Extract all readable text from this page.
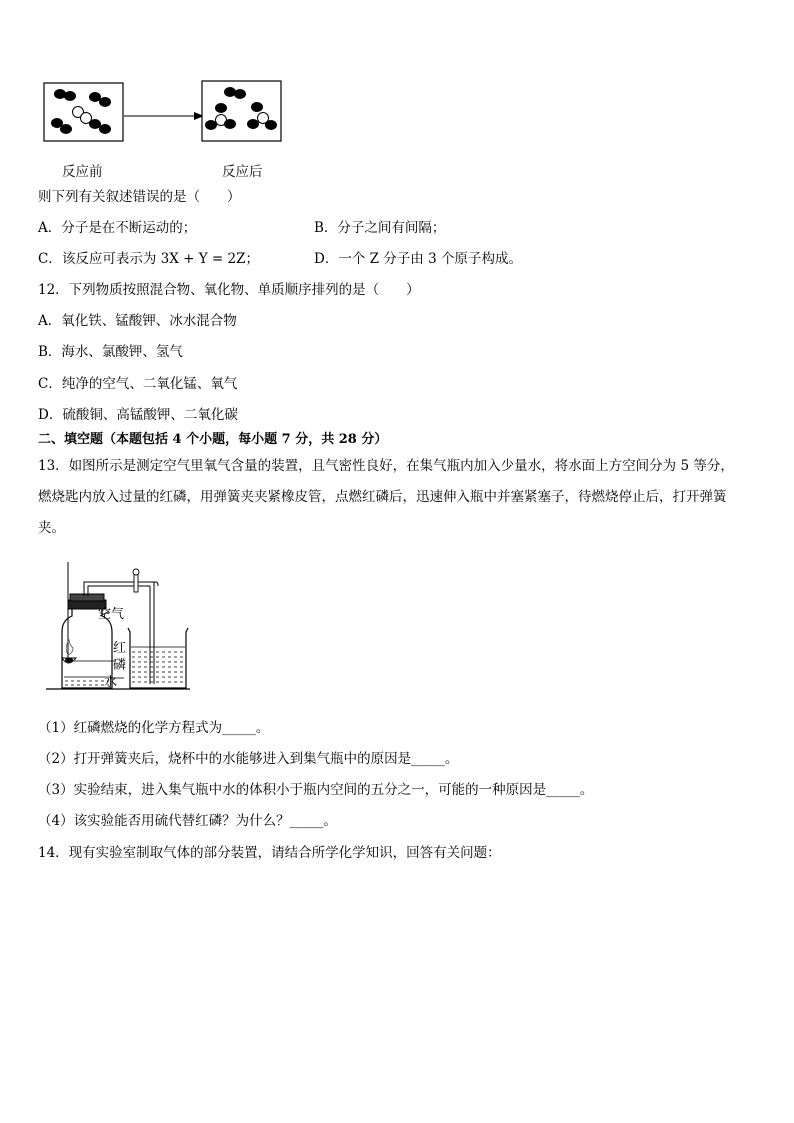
反应前	反应后
则下列有关叙述错误的是（　　）
A．分子是在不断运动的；	B．分子之间有间隔；
C．该反应可表示为 3X + Y = 2Z；	D．一个 Z 分子由 3 个原子构成。
12．下列物质按照混合物、氧化物、单质顺序排列的是（　　）
A．氧化铁、锰酸钾、冰水混合物
B．海水、氯酸钾、氢气
C．纯净的空气、二氧化锰、氧气
D．硫酸铜、高锰酸钾、二氧化碳
二、填空题（本题包括 4 个小题，每小题 7 分，共 28 分）
13．如图所示是测定空气里氧气含量的装置，且气密性良好，在集气瓶内加入少量水，将水面上方空间分为 5 等分，
燃烧匙内放入过量的红磷，用弹簧夹夹紧橡皮管，点燃红磷后，迅速伸入瓶中并塞紧塞子，待燃烧停止后，打开弹簧
夹。
空气
红
磷
水
（1）红磷燃烧的化学方程式为_____。
（2）打开弹簧夹后，烧杯中的水能够进入到集气瓶中的原因是_____。
（3）实验结束，进入集气瓶中水的体积小于瓶内空间的五分之一，可能的一种原因是_____。
（4）该实验能否用硫代替红磷？为什么？_____。
14．现有实验室制取气体的部分装置，请结合所学化学知识，回答有关问题：
